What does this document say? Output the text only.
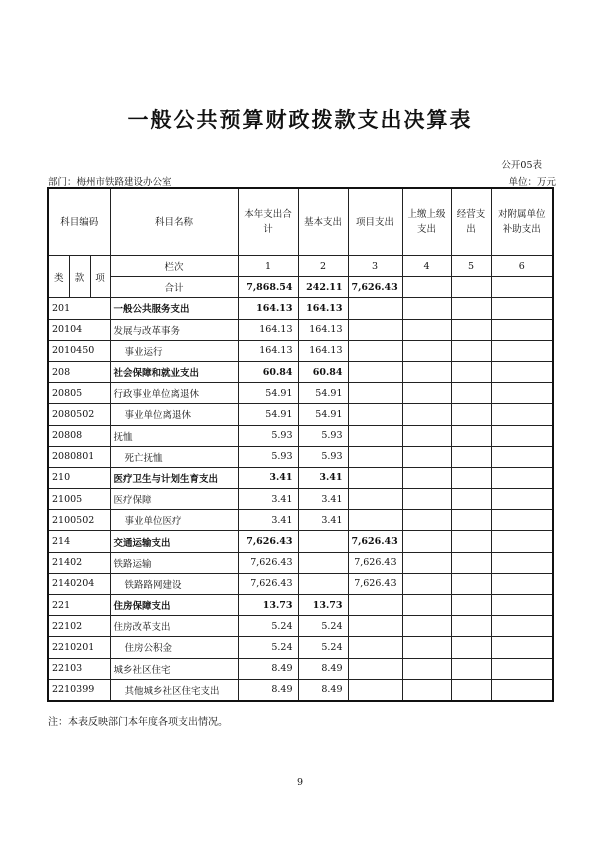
一般公共预算财政拨款支出决算表
公开05表
部门：梅州市铁路建设办公室	单位：万元
科目编码			科目名称	本年支出合计	基本支出	项目支出	上缴上级支出	经营支出	对附属单位补助支出
类	款	项	栏次	1	2	3	4	5	6
			合计	7,868.54	242.11	7,626.43			
201			一般公共服务支出	164.13	164.13				
20104			发展与改革事务	164.13	164.13				
2010450			事业运行	164.13	164.13				
208			社会保障和就业支出	60.84	60.84				
20805			行政事业单位离退休	54.91	54.91				
2080502			事业单位离退休	54.91	54.91				
20808			抚恤	5.93	5.93				
2080801			死亡抚恤	5.93	5.93				
210			医疗卫生与计划生育支出	3.41	3.41				
21005			医疗保障	3.41	3.41				
2100502			事业单位医疗	3.41	3.41				
214			交通运输支出	7,626.43		7,626.43			
21402			铁路运输	7,626.43		7,626.43			
2140204			铁路路网建设	7,626.43		7,626.43			
221			住房保障支出	13.73	13.73				
22102			住房改革支出	5.24	5.24				
2210201			住房公积金	5.24	5.24				
22103			城乡社区住宅	8.49	8.49				
2210399			其他城乡社区住宅支出	8.49	8.49				
注：本表反映部门本年度各项支出情况。
9
